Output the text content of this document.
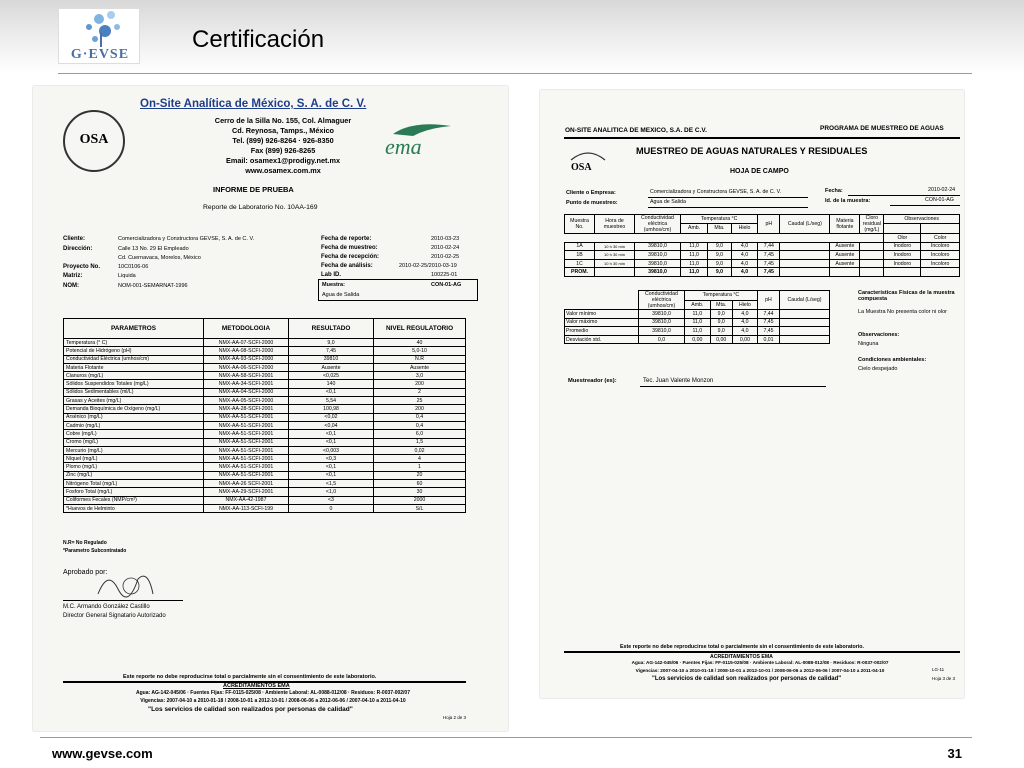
G·EVSE
Certificación
OSA
On-Site Analítica de México, S. A. de C. V.
Cerro de la Silla No. 155, Col. Almaguer
Cd. Reynosa, Tamps., México
Tel. (899) 926-8264 · 926-8350
Fax (899) 926-8265
Email: osamex1@prodigy.net.mx
www.osamex.com.mx
ema
INFORME DE PRUEBA
Reporte de Laboratorio No. 10AA-169
Cliente:	Comercializadora y Constructora GEVSE, S. A. de C. V.
Dirección:	Calle 13 No. 29 El Empleado
Cd. Cuernavaca, Morelos, México
Proyecto No.	10C0106-06
Matriz:	Liquida
NOM:	NOM-001-SEMARNAT-1996
Fecha de reporte:	2010-03-23
Fecha de muestreo:	2010-02-24
Fecha de recepción:	2010-02-25
Fecha de análisis:	2010-02-25/2010-03-19
Lab ID.	100225-01
Muestra:	CON-01-AG
Agua de Salida
PARAMETROS	METODOLOGIA	RESULTADO	NIVEL REGULATORIO
Temperatura (° C)	NMX-AA-07-SCFI-2000	9,0	40
Potencial de Hidrógeno (pH)	NMX-AA-08-SCFI-2000	7,45	5,0-10
Conductividad Eléctrica (umhos/cm)	NMX-AA-93-SCFI-2000	39810	N.R
Materia Flotante	NMX-AA-06-SCFI-2000	Ausente	Ausente
Cianuros (mg/L)	NMX-AA-58-SCFI-2001	<0,025	3,0
Sólidos Suspendidos Totales (mg/L)	NMX-AA-34-SCFI-2001	140	200
Sólidos Sedimentables (ml/L)	NMX-AA-04-SCFI-2000	<0,1	2
Grasas y Aceites (mg/L)	NMX-AA-05-SCFI-2000	5,54	25
Demanda Bioquímica de Oxígeno (mg/L)	NMX-AA-28-SCFI-2001	100,98	200
Arsénico (mg/L)	NMX-AA-51-SCFI-2001	<0,02	0,4
Cadmio (mg/L)	NMX-AA-51-SCFI-2001	<0,04	0,4
Cobre (mg/L)	NMX-AA-51-SCFI-2001	<0,1	6,0
Cromo (mg/L)	NMX-AA-51-SCFI-2001	<0,1	1,5
Mercurio (mg/L)	NMX-AA-51-SCFI-2001	<0,003	0,02
Níquel (mg/L)	NMX-AA-51-SCFI-2001	<0,3	4
Plomo (mg/L)	NMX-AA-51-SCFI-2001	<0,1	1
Zinc (mg/L)	NMX-AA-51-SCFI-2001	<0,1	20
Nitrógeno Total (mg/L)	NMX-AA-26 SCFI-2001	<1,5	60
Fosforo Total (mg/L)	NMX-AA-29-SCFI-2001	<1,0	30
Coliformes Fecales (NMP/cm³)	NMX-AA-42-1987	<3	2000
*Huevos de Helminto	NMX-AA-113-SCFI-199	0	S/L
N.R= No Regulado
*Parametro Subcontratado
Aprobado por:
M.C. Armando González Castillo
Director General Signatario Autorizado
Este reporte no debe reproducirse total o parcialmente sin el consentimiento de este laboratorio.
ACREDITAMIENTOS EMA
Agua: AG-142-045/06 · Fuentes Fijas: FF-0115-025/08 · Ambiente Laboral: AL-0088-012/08 · Residuos: R-0037-002/07
Vigencias: 2007-04-10 a 2010-01-18 / 2008-10-01 a 2012-10-01 / 2008-06-06 a 2012-06-06 / 2007-04-10 a 2011-04-10
"Los servicios de calidad son realizados por personas de calidad"
Hoja 2 de 3
ON-SITE ANALITICA DE MEXICO, S.A. DE C.V.	PROGRAMA DE MUESTREO DE AGUAS
OSA
MUESTREO DE AGUAS NATURALES Y RESIDUALES
HOJA DE CAMPO
Cliente o Empresa:	Comercializadora y Constructora GEVSE, S. A. de C. V.
Punto de muestreo:	Agua de Salida
Fecha:	2010-02-24
Id. de la muestra:	CON-01-AG
Muestra No.	Hora de muestreo	Conductividad eléctrica (umhos/cm)	Temperatura °C			pH	Caudal (L/seg)	Materia flotante	Cloro residual (mg/L)	Observaciones	
			Amb.	Mta.	Hielo						

										Olor	Color
1A	10 h 30 min	39810,0	11,0	9,0	4,0	7,44		Ausente		Inodoro	Incoloro
1B	10 h 30 min	39810,0	11,0	9,0	4,0	7,45		Ausente		Inodoro	Incoloro
1C	10 h 30 min	39810,0	11,0	9,0	4,0	7,45		Ausente		Inodoro	Incoloro
PROM.		39810,0	11,0	9,0	4,0	7,45					
	Conductividad eléctrica (umhos/cm)	Temperatura °C			pH	Caudal (L/seg)
		Amb.	Mta.	Hielo		
Valor mínimo	39810,0	11,0	9,0	4,0	7,44	
Valor máximo	39810,0	11,0	9,0	4,0	7,45	
Promedio	39810,0	11,0	9,0	4,0	7,45	
Desviación std.	0,0	0,00	0,00	0,00	0,01	
Características Físicas de la muestra compuesta
La Muestra No presenta color ni olor
Observaciones:
Ninguna
Condiciones ambientales:
Cielo despejado
Muestreador (es):	Tec. Juan Valente Monzon
Este reporte no debe reproducirse total o parcialmente sin el consentimiento de este laboratorio.
ACREDITAMIENTOS EMA
Agua: AG-142-045/06 · Fuentes Fijas: FF-0115-025/08 · Ambiente Laboral: AL-0088-012/08 · Residuos: R-0037-002/07
Vigencias: 2007-04-10 a 2010-01-18 / 2008-10-01 a 2012-10-01 / 2008-06-06 a 2012-06-06 / 2007-04-10 a 2011-04-10
"Los servicios de calidad son realizados por personas de calidad"
LG-11
Hoja 3 de 3
www.gevse.com	31
